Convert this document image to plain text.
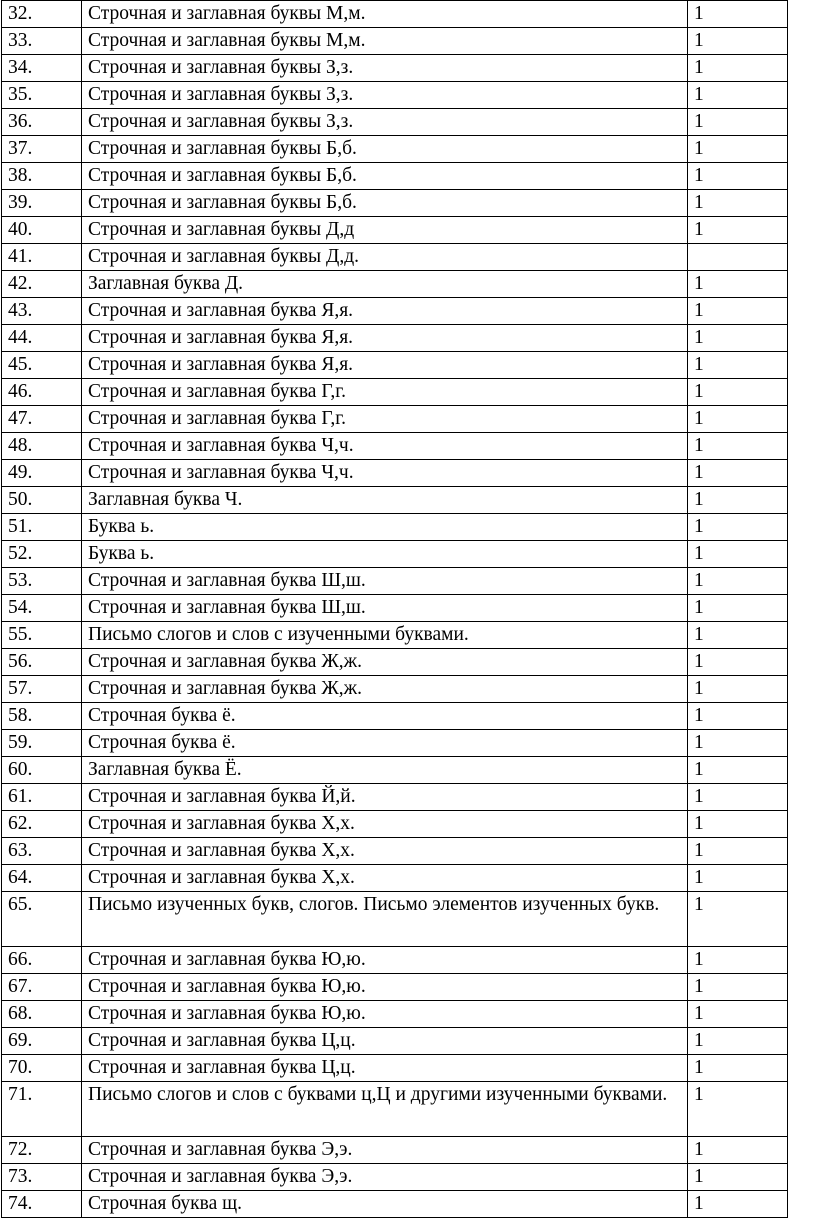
32.	Строчная и заглавная буквы М,м.	1
33.	Строчная и заглавная буквы М,м.	1
34.	Строчная и заглавная буквы З,з.	1
35.	Строчная и заглавная буквы З,з.	1
36.	Строчная и заглавная буквы З,з.	1
37.	Строчная и заглавная буквы Б,б.	1
38.	Строчная и заглавная буквы Б,б.	1
39.	Строчная и заглавная буквы Б,б.	1
40.	Строчная и заглавная буквы Д,д	1
41.	Строчная и заглавная буквы Д,д.	
42.	Заглавная буква Д.	1
43.	Строчная и заглавная буква Я,я.	1
44.	Строчная и заглавная буква Я,я.	1
45.	Строчная и заглавная буква Я,я.	1
46.	Строчная и заглавная буква Г,г.	1
47.	Строчная и заглавная буква Г,г.	1
48.	Строчная и заглавная буква Ч,ч.	1
49.	Строчная и заглавная буква Ч,ч.	1
50.	Заглавная буква Ч.	1
51.	Буква ь.	1
52.	Буква ь.	1
53.	Строчная и заглавная буква Ш,ш.	1
54.	Строчная и заглавная буква Ш,ш.	1
55.	Письмо слогов и слов с изученными буквами.	1
56.	Строчная и заглавная буква Ж,ж.	1
57.	Строчная и заглавная буква Ж,ж.	1
58.	Строчная буква ё.	1
59.	Строчная буква ё.	1
60.	Заглавная буква Ё.	1
61.	Строчная и заглавная буква Й,й.	1
62.	Строчная и заглавная буква Х,х.	1
63.	Строчная и заглавная буква Х,х.	1
64.	Строчная и заглавная буква Х,х.	1
65.	Письмо изученных букв, слогов. Письмо элементов изученных букв.	1
66.	Строчная и заглавная буква Ю,ю.	1
67.	Строчная и заглавная буква Ю,ю.	1
68.	Строчная и заглавная буква Ю,ю.	1
69.	Строчная и заглавная буква Ц,ц.	1
70.	Строчная и заглавная буква Ц,ц.	1
71.	Письмо слогов и слов с буквами ц,Ц и другими изученными буквами.	1
72.	Строчная и заглавная буква Э,э.	1
73.	Строчная и заглавная буква Э,э.	1
74.	Строчная буква щ.	1
